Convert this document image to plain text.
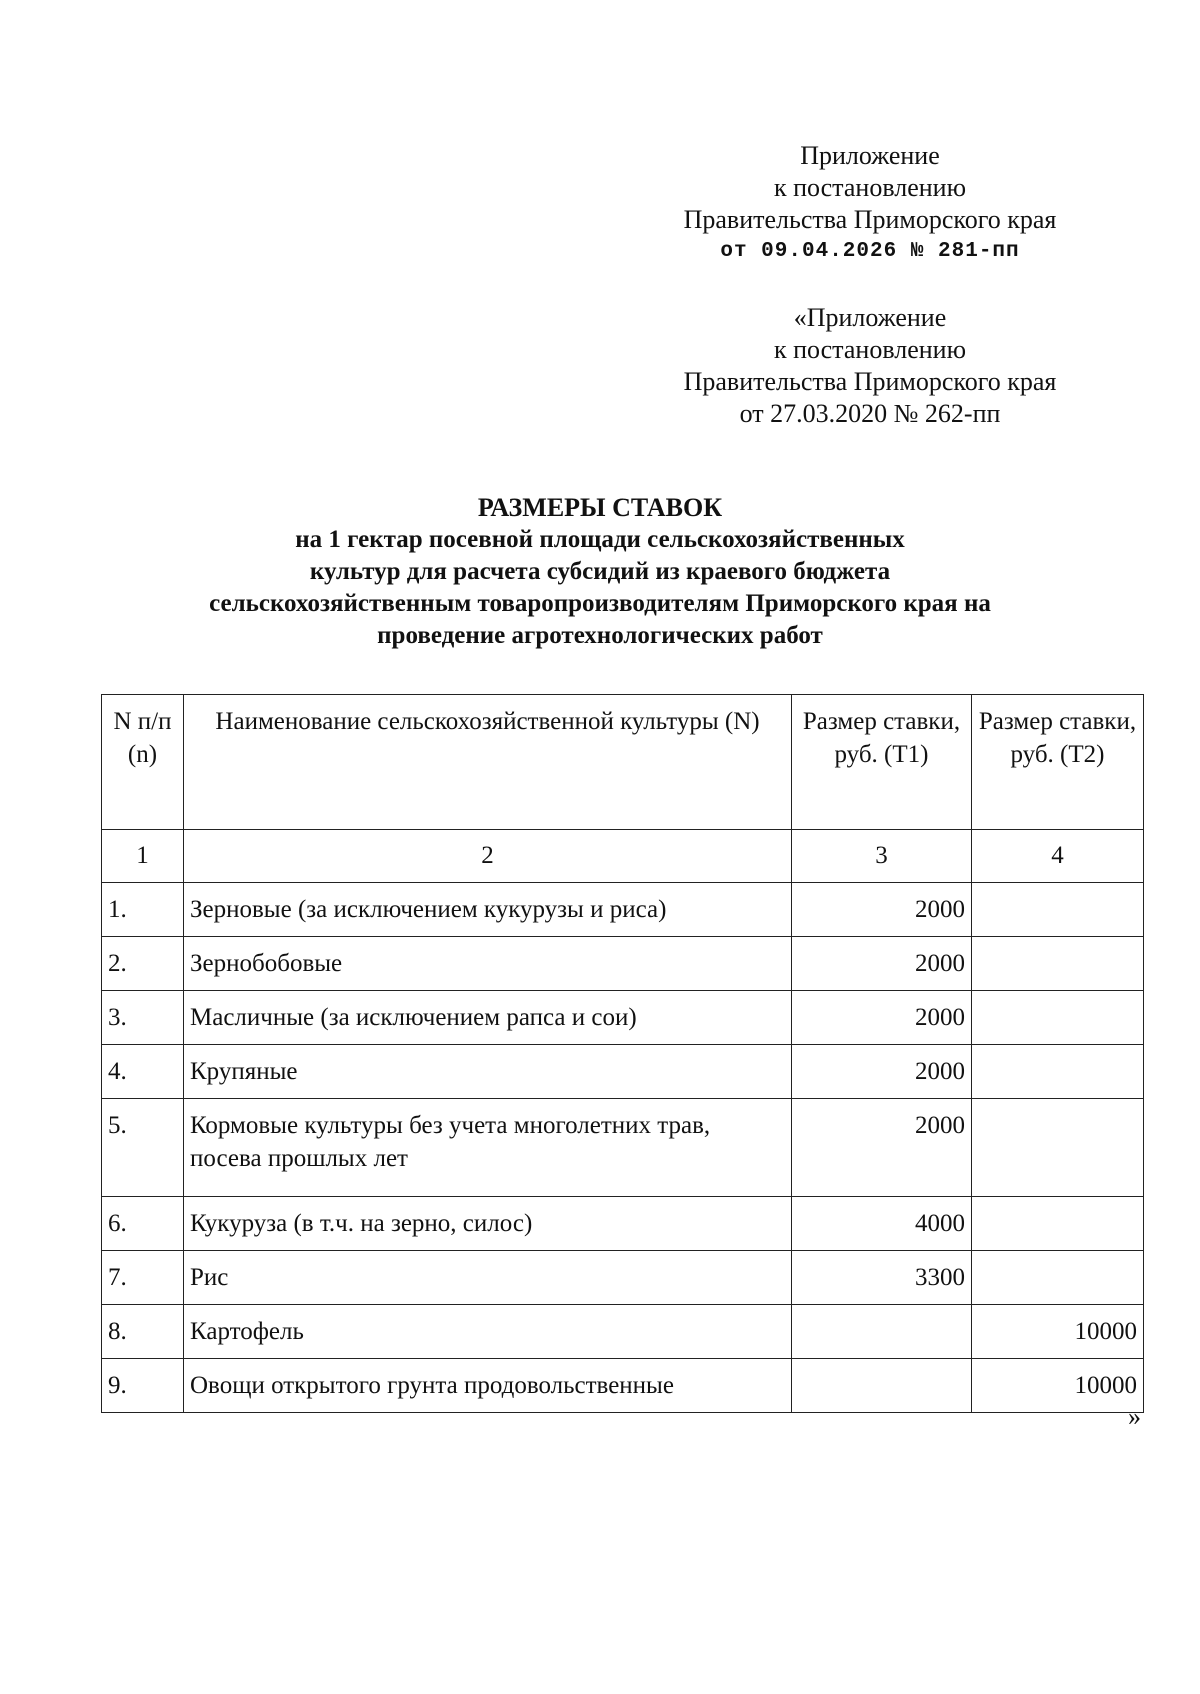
Приложение
к постановлению
Правительства Приморского края
от 09.04.2026 № 281-пп
«Приложение
к постановлению
Правительства Приморского края
от 27.03.2020 № 262-пп
РАЗМЕРЫ СТАВОК
на 1 гектар посевной площади сельскохозяйственных
культур для расчета субсидий из краевого бюджета
сельскохозяйственным товаропроизводителям Приморского края на
проведение агротехнологических работ
N п/п (n)	Наименование сельскохозяйственной культуры (N)	Размер ставки, руб. (Т1)	Размер ставки, руб. (Т2)
1	2	3	4
1.	Зерновые (за исключением кукурузы и риса)	2000	
2.	Зернобобовые	2000	
3.	Масличные (за исключением рапса и сои)	2000	
4.	Крупяные	2000	
5.	Кормовые культуры без учета многолетних трав, посева прошлых лет	2000	
6.	Кукуруза (в т.ч. на зерно, силос)	4000	
7.	Рис	3300	
8.	Картофель		10000
9.	Овощи открытого грунта продовольственные		10000
»
